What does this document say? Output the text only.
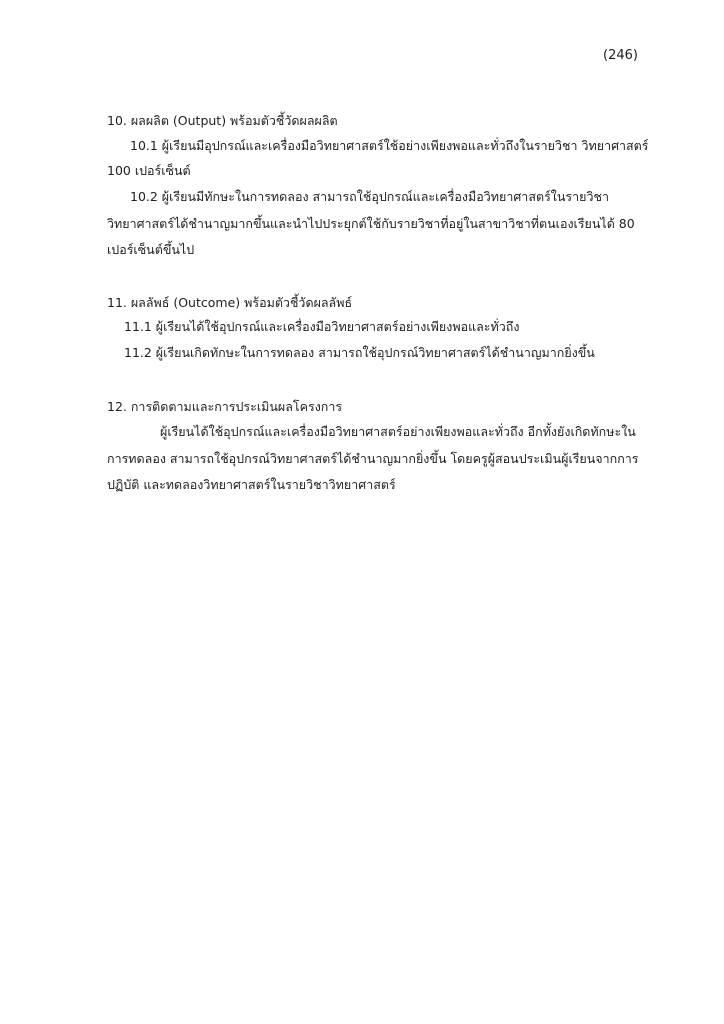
(246)
10. ผลผลิต (Output) พร้อมตัวชี้วัดผลผลิต
10.1 ผู้เรียนมีอุปกรณ์และเครื่องมือวิทยาศาสตร์ใช้อย่างเพียงพอและทั่วถึงในรายวิชา วิทยาศาสตร์
100 เปอร์เซ็นต์
10.2 ผู้เรียนมีทักษะในการทดลอง สามารถใช้อุปกรณ์และเครื่องมือวิทยาศาสตร์ในรายวิชา
วิทยาศาสตร์ได้ชำนาญมากขึ้นและนำไปประยุกต์ใช้กับรายวิชาที่อยู่ในสาขาวิชาที่ตนเองเรียนได้ 80
เปอร์เซ็นต์ขึ้นไป
11. ผลลัพธ์ (Outcome) พร้อมตัวชี้วัดผลลัพธ์
11.1 ผู้เรียนได้ใช้อุปกรณ์และเครื่องมือวิทยาศาสตร์อย่างเพียงพอและทั่วถึง
11.2 ผู้เรียนเกิดทักษะในการทดลอง สามารถใช้อุปกรณ์วิทยาศาสตร์ได้ชำนาญมากยิ่งขึ้น
12. การติดตามและการประเมินผลโครงการ
ผู้เรียนได้ใช้อุปกรณ์และเครื่องมือวิทยาศาสตร์อย่างเพียงพอและทั่วถึง อีกทั้งยังเกิดทักษะใน
การทดลอง สามารถใช้อุปกรณ์วิทยาศาสตร์ได้ชำนาญมากยิ่งขึ้น โดยครูผู้สอนประเมินผู้เรียนจากการ
ปฏิบัติ และทดลองวิทยาศาสตร์ในรายวิชาวิทยาศาสตร์
